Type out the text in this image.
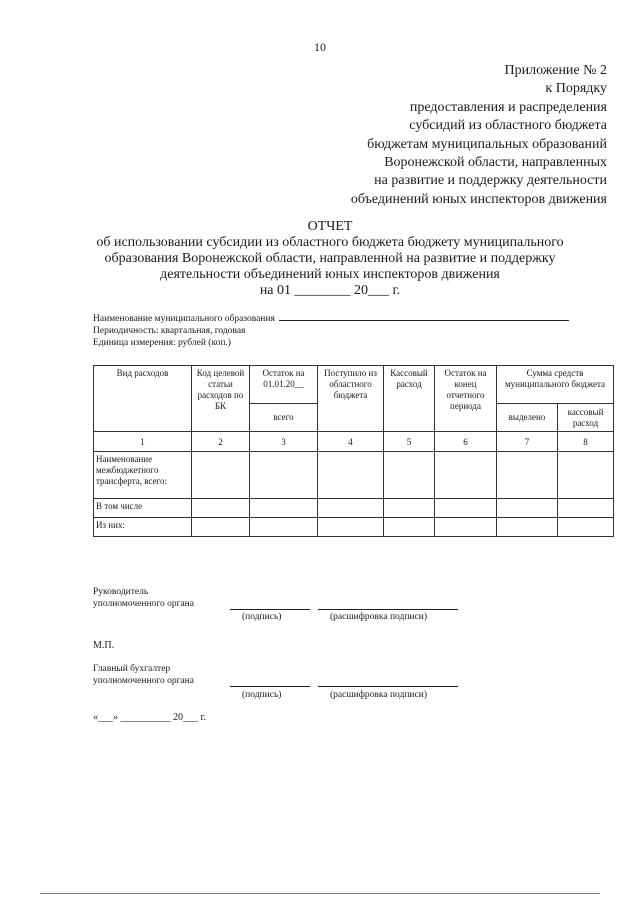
10
Приложение № 2
к Порядку
предоставления и распределения
субсидий из областного бюджета
бюджетам муниципальных образований
Воронежской области, направленных
на развитие и поддержку деятельности
объединений юных инспекторов движения
ОТЧЕТ
об использовании субсидии из областного бюджета бюджету муниципального
образования Воронежской области, направленной на развитие и поддержку
деятельности объединений юных инспекторов движения
на 01 ________ 20___ г.
Наименование муниципального образования
Периодичность: квартальная, годовая
Единица измерения: рублей (коп.)
Вид расходов	Код целевой статьи расходов по БК	Остаток на 01.01.20__	Поступило из областного бюджета	Кассовый расход	Остаток на конец отчетного периода	Сумма средств муниципального бюджета	
		всего				выделено	кассовый расход
1	2	3	4	5	6	7	8
Наименование межбюджетного трансферта, всего:							
В том числе							
Из них:							
Руководитель
уполномоченного органа
(подпись)	(расшифровка подписи)
М.П.
Главный бухгалтер
уполномоченного органа
(подпись)	(расшифровка подписи)
«___» __________ 20___ г.
